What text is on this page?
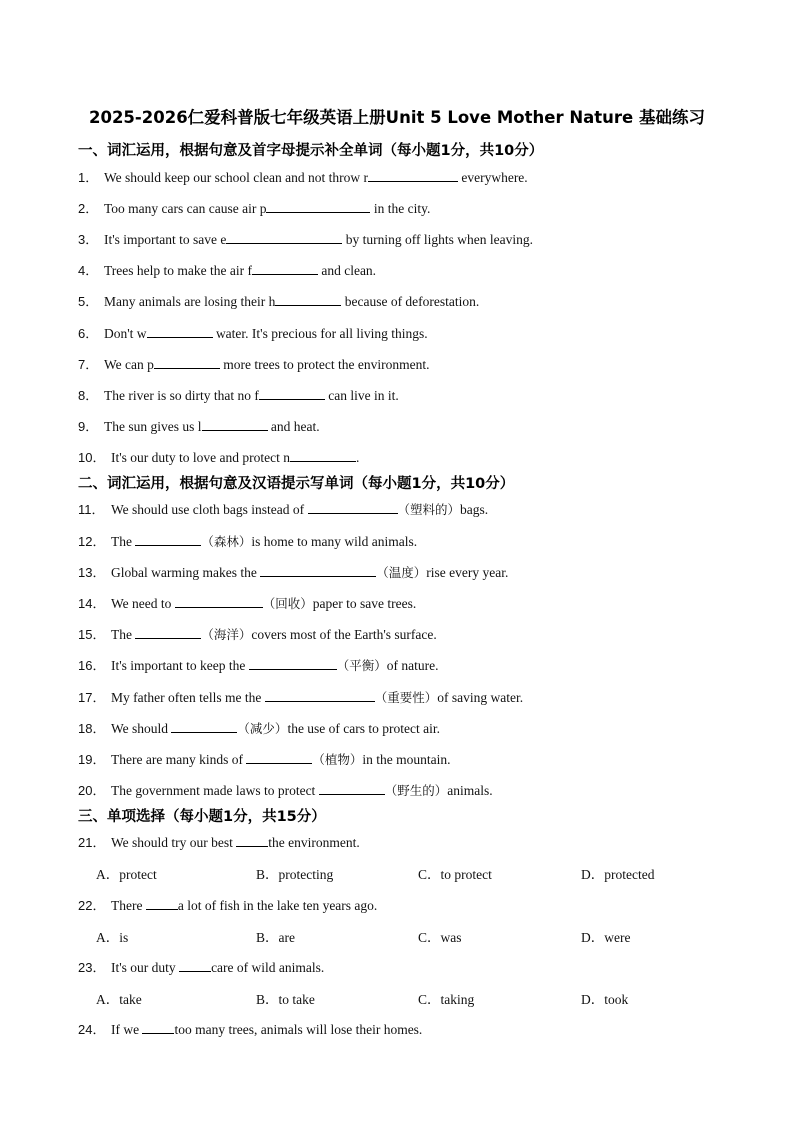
2025-2026仁爱科普版七年级英语上册Unit 5 Love Mother Nature 基础练习
一、词汇运用，根据句意及首字母提示补全单词（每小题1分，共10分）
1． We should keep our school clean and not throw r	everywhere.
2． Too many cars can cause air p	in the city.
3． It's important to save e	by turning off lights when leaving.
4． Trees help to make the air f	and clean.
5． Many animals are losing their h	because of deforestation.
6． Don't w	water. It's precious for all living things.
7． We can p	more trees to protect the environment.
8． The river is so dirty that no f	can live in it.
9． The sun gives us l	and heat.
10． It's our duty to love and protect n	.
二、词汇运用，根据句意及汉语提示写单词（每小题1分，共10分）
11． We should use cloth bags instead of	（塑料的）bags.
12． The	（森林）is home to many wild animals.
13． Global warming makes the	（温度）rise every year.
14． We need to	（回收）paper to save trees.
15． The	（海洋）covers most of the Earth's surface.
16． It's important to keep the	（平衡）of nature.
17． My father often tells me the	（重要性）of saving water.
18． We should	（减少）the use of cars to protect air.
19． There are many kinds of	（植物）in the mountain.
20． The government made laws to protect	（野生的）animals.
三、单项选择（每小题1分，共15分）
21． We should try our best the environment.
A．protect	B．protecting	C．to protect	D．protected
22． There a lot of fish in the lake ten years ago.
A．is	B．are	C．was	D．were
23． It's our duty care of wild animals.
A．take	B．to take	C．taking	D．took
24． If we too many trees, animals will lose their homes.
